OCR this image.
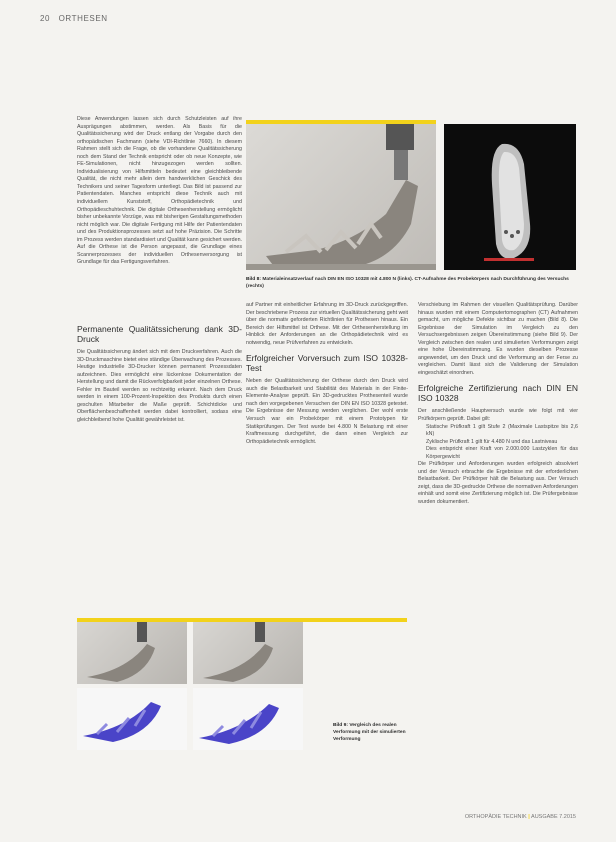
20 ORTHESEN

Diese Anwendungen lassen sich durch Schutzleisten auf ihre Ausprägungen abstimmen, werden. Als Basis für die Qualitätssicherung wird der Druck entlang der Vorgabe durch den orthopädischen Fachmann (siehe VDI-Richtlinie 7660). In diesem Rahmen stellt sich die Frage, ob die vorhandene Qualitätssicherung noch dem Stand der Technik entspricht oder ob neue Konzepte, wie FE-Simulationen, nicht hinzugezogen werden sollten. Individualisierung von Hilfsmitteln bedeutet eine gleichbleibende Qualität, die nicht mehr allein dem handwerklichen Geschick des Technikers und seiner Tagesform unterliegt. Das Bild ist passend zur Patientendaten. Manches entspricht diese Technik auch mit individuellem Kunststoff, Orthopädietechnik und Orthopädieschuhtechnik. Die digitale Orthesenherstellung ermöglicht bisher unbekannte Vorzüge, was mit bisherigen Gestaltungsmethoden nicht möglich war. Die digitale Fertigung mit Hilfe der Patientendaten und des Produktionsprozesses setzt auf hohe Präzision. Die Schritte im Prozess werden standardisiert und Qualität kann gesichert werden. Auf die Orthese ist die Person angepasst, die Grundlage eines Scannerprozesses der individuellen Orthesenversorgung ist Grundlage für das Fertigungsverfahren.

Permanente Qualitätssicherung dank 3D-Druck

Die Qualitätssicherung ändert sich mit dem Druckverfahren. Auch die 3D-Druckmaschine bietet eine ständige Überwachung des Prozesses. Heutige industrielle 3D-Drucker können permanent Prozessdaten aufzeichnen. Dies ermöglicht eine lückenlose Dokumentation der Herstellung und damit die Rückverfolgbarkeit jeder einzelnen Orthese. Fehler im Bauteil werden so rechtzeitig erkannt. Nach dem Druck werden in einem 100-Prozent-Inspektion des Produkts durch einen geschulten Mitarbeiter die Maße geprüft. Schichtdicke und Oberflächenbeschaffenheit werden dabei kontrolliert, sodass eine gleichbleibend hohe Qualität gewährleistet ist.

Bild 8: Materialeinsatzverlauf nach DIN EN ISO 10328 mit 4.800 N (links). CT-Aufnahme des Probekörpers nach Durchführung des Versuchs (rechts)

auf Partner mit einheitlicher Erfahrung im 3D-Druck zurückgegriffen. Der beschriebene Prozess zur virtuellen Qualitätssicherung geht weit über die normativ geforderten Richtlinien für Prothesen hinaus. Ein Bereich der Hilfsmittel ist Orthese. Mit der Orthesenherstellung im Hinblick der Anforderungen an die Orthopädietechnik wird es notwendig, neue Prüfverfahren zu entwickeln.

Erfolgreicher Vorversuch zum ISO 10328-Test

Neben der Qualitätssicherung der Orthese durch den Druck wird auch die Belastbarkeit und Stabilität des Materials in der Finite-Elemente-Analyse geprüft. Ein 3D-gedrucktes Prothesenteil wurde nach den vorgegebenen Versuchen der DIN EN ISO 10328 getestet. Die Ergebnisse der Messung werden verglichen. Der wohl erste Versuch war ein Probekörper mit einem Prototypen für Statikprüfungen. Der Test wurde bei 4.800 N Belastung mit einer Kraftmessung durchgeführt, die dann einen Vergleich zur Orthopädietechnik ermöglicht.

Verschiebung im Rahmen der visuellen Qualitätsprüfung. Darüber hinaus wurden mit einem Computertomographen (CT) Aufnahmen gemacht, um mögliche Defekte sichtbar zu machen (Bild 8). Die Ergebnisse der Simulation im Vergleich zu den Versuchsergebnissen zeigen Übereinstimmung (siehe Bild 9). Der Vergleich zwischen den realen und simulierten Verformungen zeigt eine hohe Übereinstimmung. Es wurden dieselben Prozesse angewendet, um den Druck und die Verformung an der Ferse zu vergleichen. Damit lässt sich die Validierung der Simulation eingeschätzt einordnen.

Erfolgreiche Zertifizierung nach DIN EN ISO 10328

Der anschließende Hauptversuch wurde wie folgt mit vier Prüfkörpern geprüft. Dabei gilt:

• Statische Prüfkraft 1 gilt Stufe 2 (Maximale Lastspitze bis 2,6 kN)
• Zyklische Prüfkraft 1 gilt für 4.480 N und das Lastniveau
• Dies entspricht einer Kraft von 2.000.000 Lastzyklen für das Körpergewicht

Die Prüfkörper und Anforderungen wurden erfolgreich absolviert und der Versuch erbrachte die Ergebnisse mit der erforderlichen Belastbarkeit. Der Prüfkörper hält die Belastung aus. Der Versuch zeigt, dass die 3D-gedruckte Orthese die normativen Anforderungen einhält und somit eine Zertifizierung möglich ist. Die Prüfergebnisse wurden dokumentiert.

Bild 9: Vergleich des realen Verformung mit der simulierten Verformung
ORTHOPÄDIE TECHNIK | AUSGABE 7.2015
